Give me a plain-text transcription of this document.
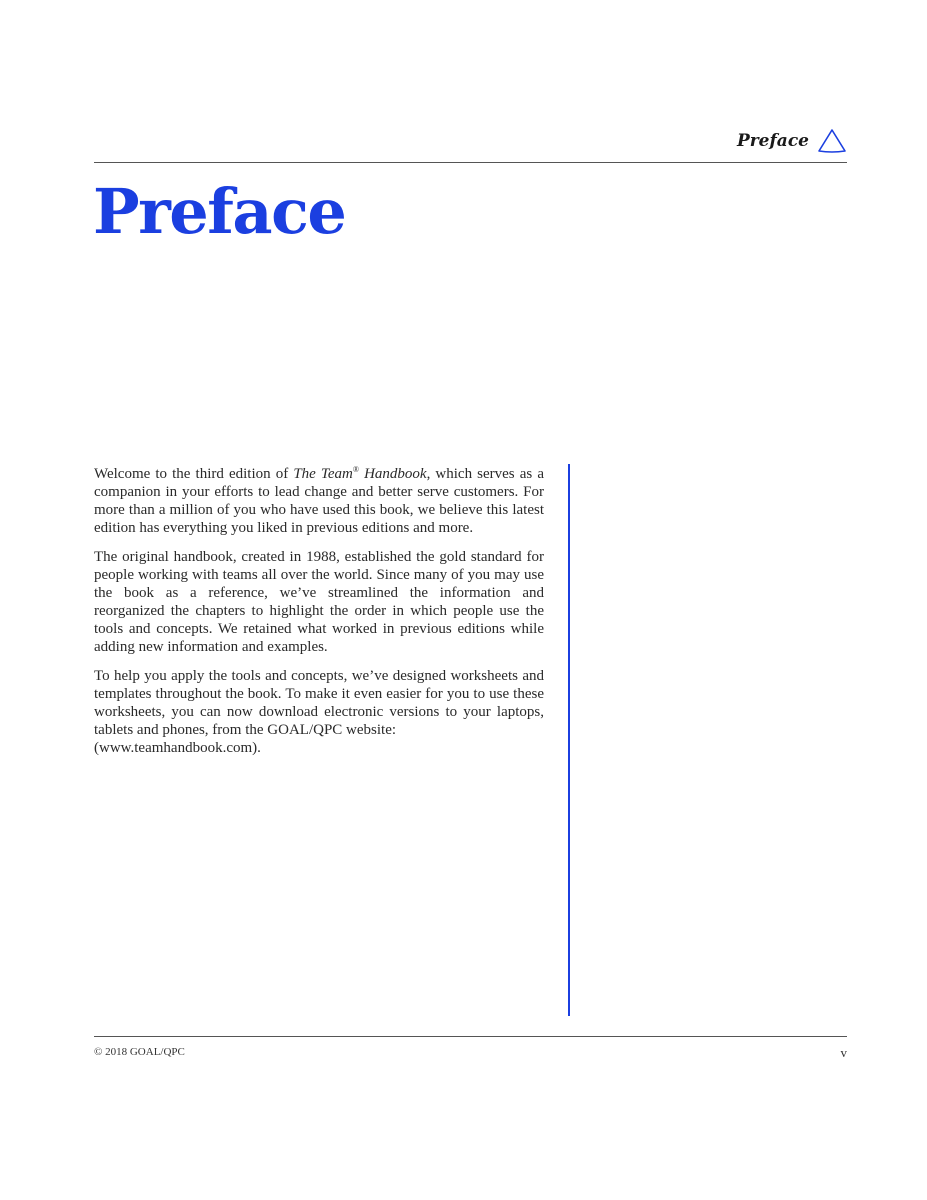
Preface
Preface

Welcome to the third edition of The Team® Handbook, which serves as a companion in your efforts to lead change and better serve customers. For more than a million of you who have used this book, we believe this latest edition has everything you liked in previous editions and more.

The original handbook, created in 1988, established the gold standard for people working with teams all over the world. Since many of you may use the book as a reference, we’ve streamlined the information and reorganized the chapters to highlight the order in which people use the tools and concepts. We retained what worked in previous editions while adding new information and examples.

To help you apply the tools and concepts, we’ve designed worksheets and templates throughout the book. To make it even easier for you to use these worksheets, you can now download electronic versions to your laptops, tablets and phones, from the GOAL/QPC website:
(www.teamhandbook.com).

© 2018 GOAL/QPC	v
